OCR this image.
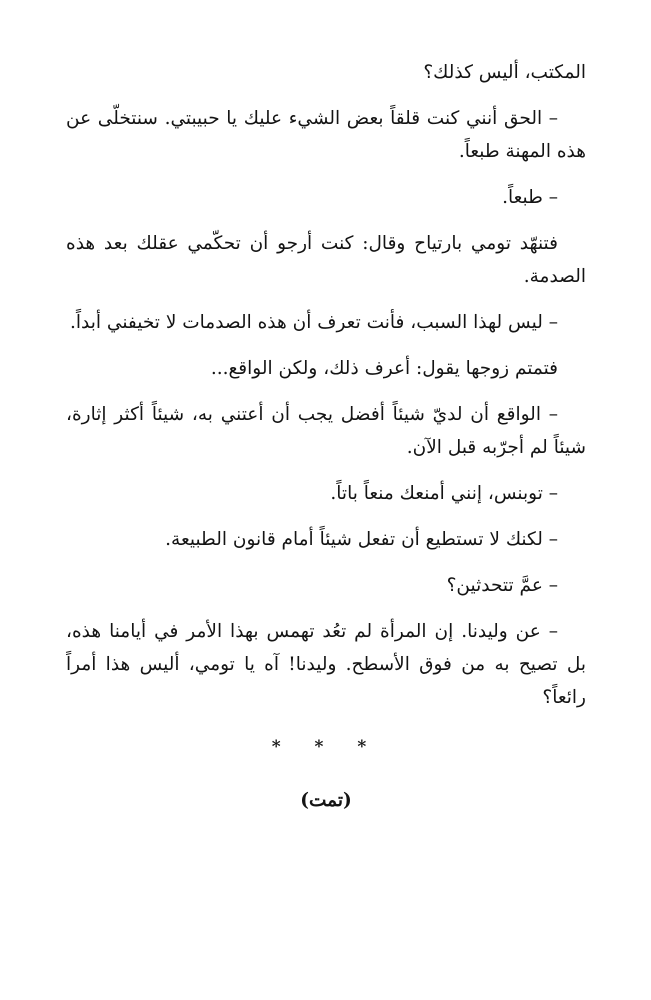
المكتب، أليس كذلك؟

– الحق أنني كنت قلقاً بعض الشيء عليك يا حبيبتي. سنتخلّى عن هذه المهنة طبعاً.

– طبعاً.

فتنهّد تومي بارتياح وقال: كنت أرجو أن تحكّمي عقلك بعد هذه الصدمة.

– ليس لهذا السبب، فأنت تعرف أن هذه الصدمات لا تخيفني أبداً.

فتمتم زوجها يقول: أعرف ذلك، ولكن الواقع...

– الواقع أن لديّ شيئاً أفضل يجب أن أعتني به، شيئاً أكثر إثارة، شيئاً لم أجرّبه قبل الآن.

– توبنس، إنني أمنعك منعاً باتاً.

– لكنك لا تستطيع أن تفعل شيئاً أمام قانون الطبيعة.

– عمَّ تتحدثين؟

– عن وليدنا. إن المرأة لم تعُد تهمس بهذا الأمر في أيامنا هذه، بل تصيح به من فوق الأسطح. وليدنا! آه يا تومي، أليس هذا أمراً رائعاً؟

* * *
(تمت)
